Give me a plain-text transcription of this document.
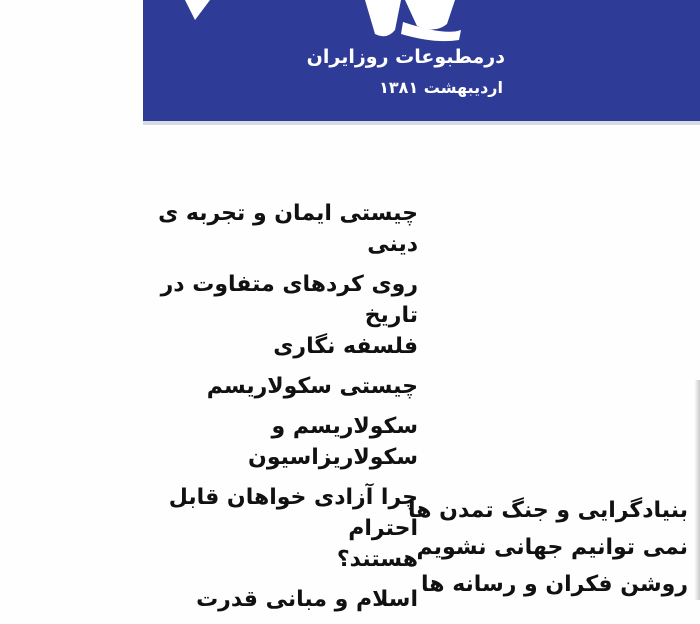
درمطبوعات روزایران
اردیبهشت ۱۳۸۱
چیستی ایمان و تجربه ی دینی
روی کردهای متفاوت در تاریخ
فلسفه نگاری
چیستی سکولاریسم
سکولاریسم و سکولاریزاسیون
چرا آزادی خواهان قابل احترام
هستند؟
اسلام و مبانی قدرت
بنیادگرایی و جنگ تمدن ها
نمی توانیم جهانی نشویم
روشن فکران و رسانه ها
